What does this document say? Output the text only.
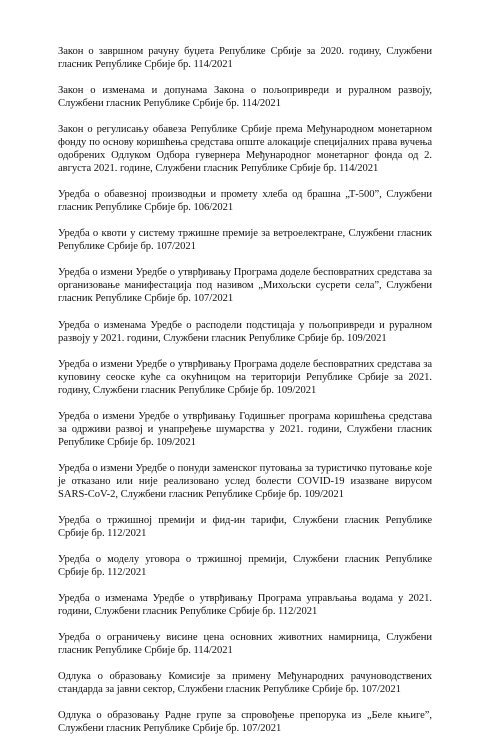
Закон о завршном рачуну буџета Републике Србије за 2020. годину, Службени гласник Републике Србије бр. 114/2021

Закон о изменама и допунама Закона о пољопривреди и руралном развоју, Службени гласник Републике Србије бр. 114/2021

Закон о регулисању обавеза Републике Србије према Међународном монетарном фонду по основу коришћења средстава опште алокације специјалних права вучења одобрених Одлуком Одбора гувернера Међународног монетарног фонда од 2. августа 2021. године, Службени гласник Републике Србије бр. 114/2021

Уредба о обавезној производњи и промету хлеба од брашна „Т-500”, Службени гласник Републике Србије бр. 106/2021

Уредба о квоти у систему тржишне премије за ветроелектране, Службени гласник Републике Србије бр. 107/2021

Уредба о измени Уредбе о утврђивању Програма доделе бесповратних средстава за организовање манифестација под називом „Михољски сусрети села”, Службени гласник Републике Србије бр. 107/2021

Уредба о изменама Уредбе о расподели подстицаја у пољопривреди и руралном развоју у 2021. години, Службени гласник Републике Србије бр. 109/2021

Уредба о измени Уредбе о утврђивању Програма доделе бесповратних средстава за куповину сеоске куће са окућницом на територији Републике Србије за 2021. годину, Службени гласник Републике Србије бр. 109/2021

Уредба о измени Уредбе о утврђивању Годишњег програма коришћења средстава за одрживи развој и унапређење шумарства у 2021. години, Службени гласник Републике Србије бр. 109/2021

Уредба о измени Уредбе о понуди заменског путовања за туристичко путовање које је отказано или није реализовано услед болести COVID-19 изазване вирусом SARS-CoV-2, Службени гласник Републике Србије бр. 109/2021

Уредба о тржишној премији и фид-ин тарифи, Службени гласник Републике Србије бр. 112/2021

Уредба о моделу уговора о тржишној премији, Службени гласник Републике Србије бр. 112/2021

Уредба о изменама Уредбе о утврђивању Програма управљања водама у 2021. години, Службени гласник Републике Србије бр. 112/2021

Уредба о ограничењу висине цена основних животних намирница, Службени гласник Републике Србије бр. 114/2021

Одлука о образовању Комисије за примену Међународних рачуноводствених стандарда за јавни сектор, Службени гласник Републике Србије бр. 107/2021

Одлука о образовању Радне групе за спровођење препорука из „Беле књиге”, Службени гласник Републике Србије бр. 107/2021
